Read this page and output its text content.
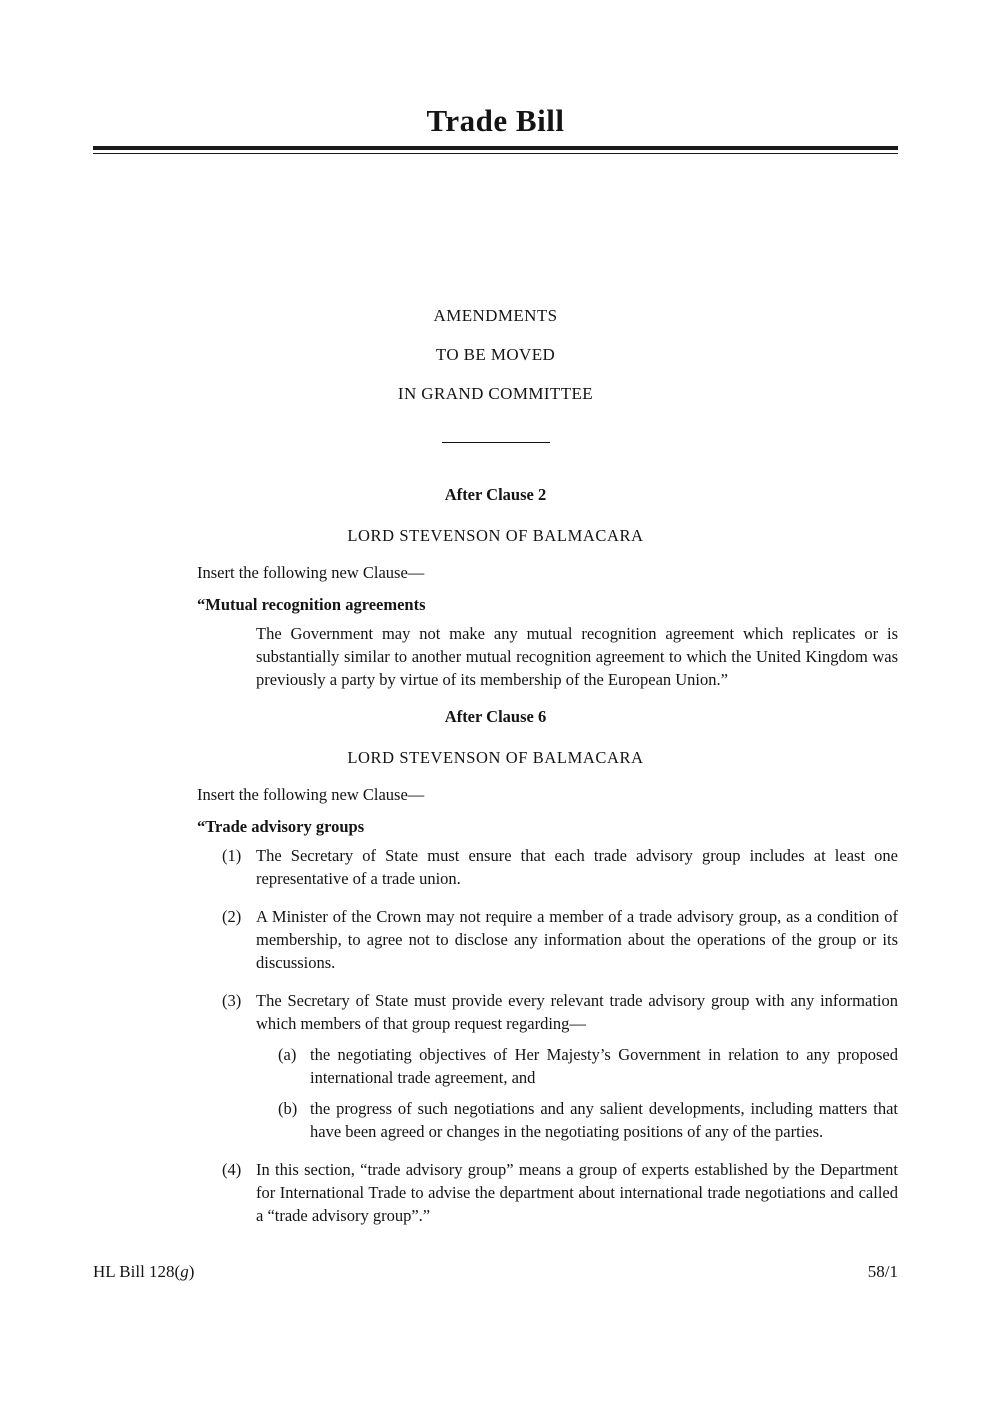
Trade Bill

AMENDMENTS

TO BE MOVED

IN GRAND COMMITTEE

After Clause 2
LORD STEVENSON OF BALMACARA
Insert the following new Clause—
“Mutual recognition agreements
The Government may not make any mutual recognition agreement which replicates or is substantially similar to another mutual recognition agreement to which the United Kingdom was previously a party by virtue of its membership of the European Union.”
After Clause 6
LORD STEVENSON OF BALMACARA
Insert the following new Clause—
“Trade advisory groups
(1) The Secretary of State must ensure that each trade advisory group includes at least one representative of a trade union.
(2) A Minister of the Crown may not require a member of a trade advisory group, as a condition of membership, to agree not to disclose any information about the operations of the group or its discussions.
(3) The Secretary of State must provide every relevant trade advisory group with any information which members of that group request regarding—
(a) the negotiating objectives of Her Majesty’s Government in relation to any proposed international trade agreement, and
(b) the progress of such negotiations and any salient developments, including matters that have been agreed or changes in the negotiating positions of any of the parties.
(4) In this section, “trade advisory group” means a group of experts established by the Department for International Trade to advise the department about international trade negotiations and called a “trade advisory group”.”
HL Bill 128(g)	58/1
